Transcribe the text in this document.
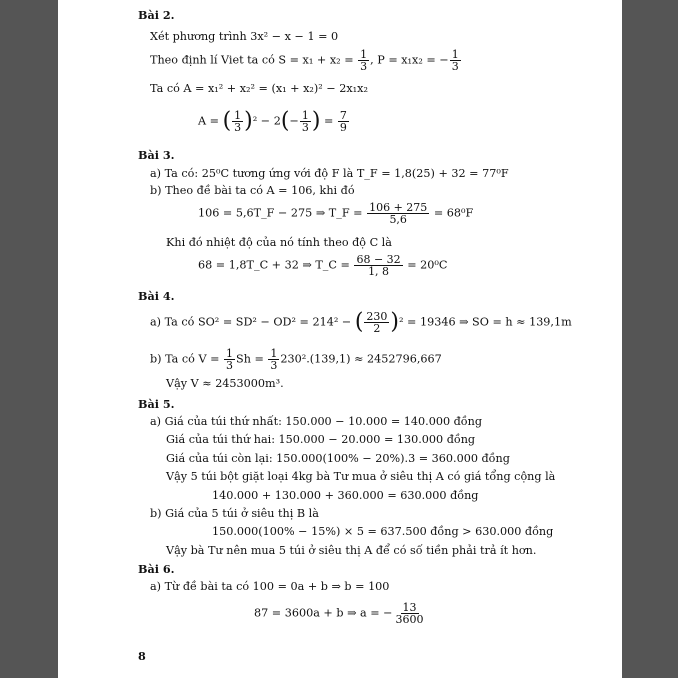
Bài 2.
Xét phương trình 3x² − x − 1 = 0
Theo định lí Viet ta có $S = x_1 + x_2 = \frac{1}{3}$ , P = x₁x₂ = − $\frac{1}{3}$
Ta có A = x₁² + x₂² = (x₁ + x₂)² − 2x₁x₂
A = ( $\frac{1}{3} )^2 - 2(- \frac{1}{3}$ ) = $\frac{7}{9}$
Bài 3.
a) Ta có: 25⁰C tương ứng với độ F là T_F = 1,8(25) + 32 = 77⁰F
b) Theo đề bài ta có A = 106, khi đó
106 = 5,6T_F − 275 ⇒ T_F = $\frac{106 + 275}{5,6} = 68^0F$
Khi đó nhiệt độ của nó tính theo độ C là
68 = 1,8T_C + 32 ⇒ T_C = $\frac{68 - 32}{1, 8} = 20^0C$
Bài 4.
a) Ta có SO² = SD² − OD² = 214² − ( $\frac{230}{2} )^2 = 19346$ ⇒ SO = h ≈ 139,1m
b) Ta có $V = \frac{1}{3}$ $Sh = \frac{1}{3} 230^2.(139,1) \approx 2452796,667$
Vậy V ≈ 2453000m³.
Bài 5.
a) Giá của túi thứ nhất: 150.000 − 10.000 = 140.000 đồng
Giá của túi thứ hai: 150.000 − 20.000 = 130.000 đồng
Giá của túi còn lại: 150.000(100% − 20%).3 = 360.000 đồng
Vậy 5 túi bột giặt loại 4kg bà Tư mua ở siêu thị A có giá tổng cộng là
140.000 + 130.000 + 360.000 = 630.000 đồng
b) Giá của 5 túi ở siêu thị B là
150.000(100% − 15%) × 5 = 637.500 đồng > 630.000 đồng
Vậy bà Tư nên mua 5 túi ở siêu thị A để có số tiền phải trả ít hơn.
Bài 6.
a) Từ đề bài ta có 100 = 0a + b ⇒ b = 100
87 = 3600a + b ⇒ a = − $\frac{13}{3600}$
8
